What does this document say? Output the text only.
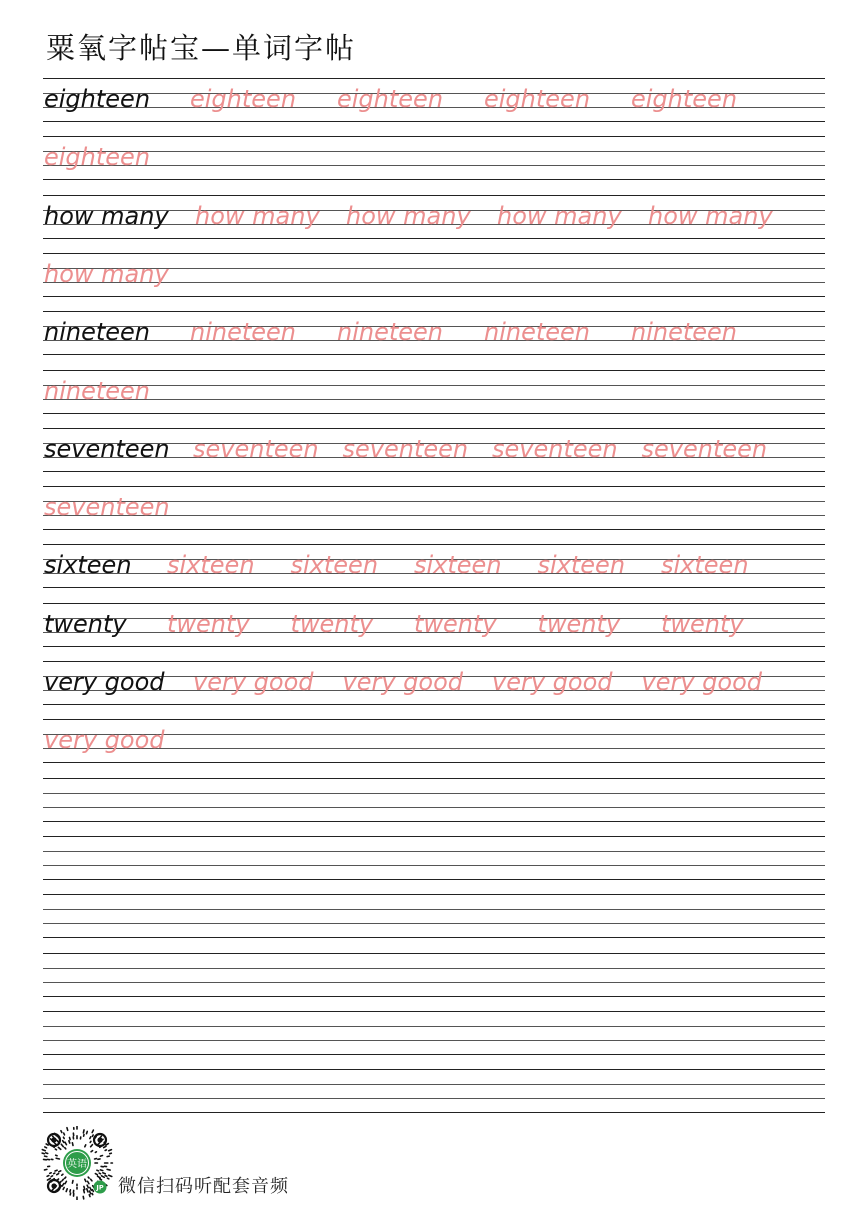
粟氧字帖宝—单词字帖
eighteen eighteen eighteen eighteen eighteen
eighteen
how many how many how many how many how many
how many
nineteen nineteen nineteen nineteen nineteen
nineteen
seventeen seventeen seventeen seventeen seventeen
seventeen
sixteen sixteen sixteen sixteen sixteen sixteen
twenty twenty twenty twenty twenty twenty
very good very good very good very good very good
very good
英语
JP 微信扫码听配套音频
